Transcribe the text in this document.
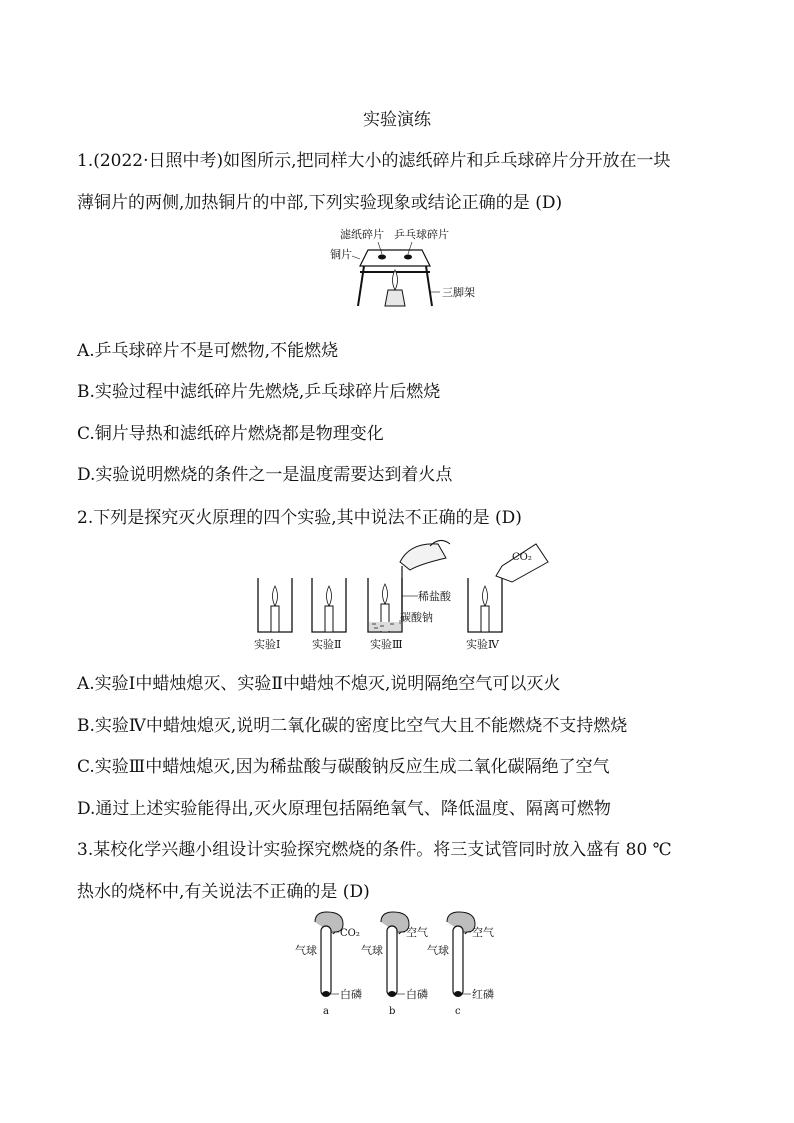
实验演练
1.(2022·日照中考)如图所示,把同样大小的滤纸碎片和乒乓球碎片分开放在一块
薄铜片的两侧,加热铜片的中部,下列实验现象或结论正确的是 (D)
滤纸碎片 乒乓球碎片
铜片
三脚架
A.乒乓球碎片不是可燃物,不能燃烧
B.实验过程中滤纸碎片先燃烧,乒乓球碎片后燃烧
C.铜片导热和滤纸碎片燃烧都是物理变化
D.实验说明燃烧的条件之一是温度需要达到着火点
2.下列是探究灭火原理的四个实验,其中说法不正确的是 (D)
CO₂
稀盐酸
碳酸钠
实验Ⅰ	实验Ⅱ	实验Ⅲ	实验Ⅳ
A.实验Ⅰ中蜡烛熄灭、实验Ⅱ中蜡烛不熄灭,说明隔绝空气可以灭火
B.实验Ⅳ中蜡烛熄灭,说明二氧化碳的密度比空气大且不能燃烧不支持燃烧
C.实验Ⅲ中蜡烛熄灭,因为稀盐酸与碳酸钠反应生成二氧化碳隔绝了空气
D.通过上述实验能得出,灭火原理包括隔绝氧气、降低温度、隔离可燃物
3.某校化学兴趣小组设计实验探究燃烧的条件。将三支试管同时放入盛有 80 ℃
热水的烧杯中,有关说法不正确的是 (D)
CO₂	空气	空气
气球	气球	气球
白磷	白磷	红磷
a	b	c
